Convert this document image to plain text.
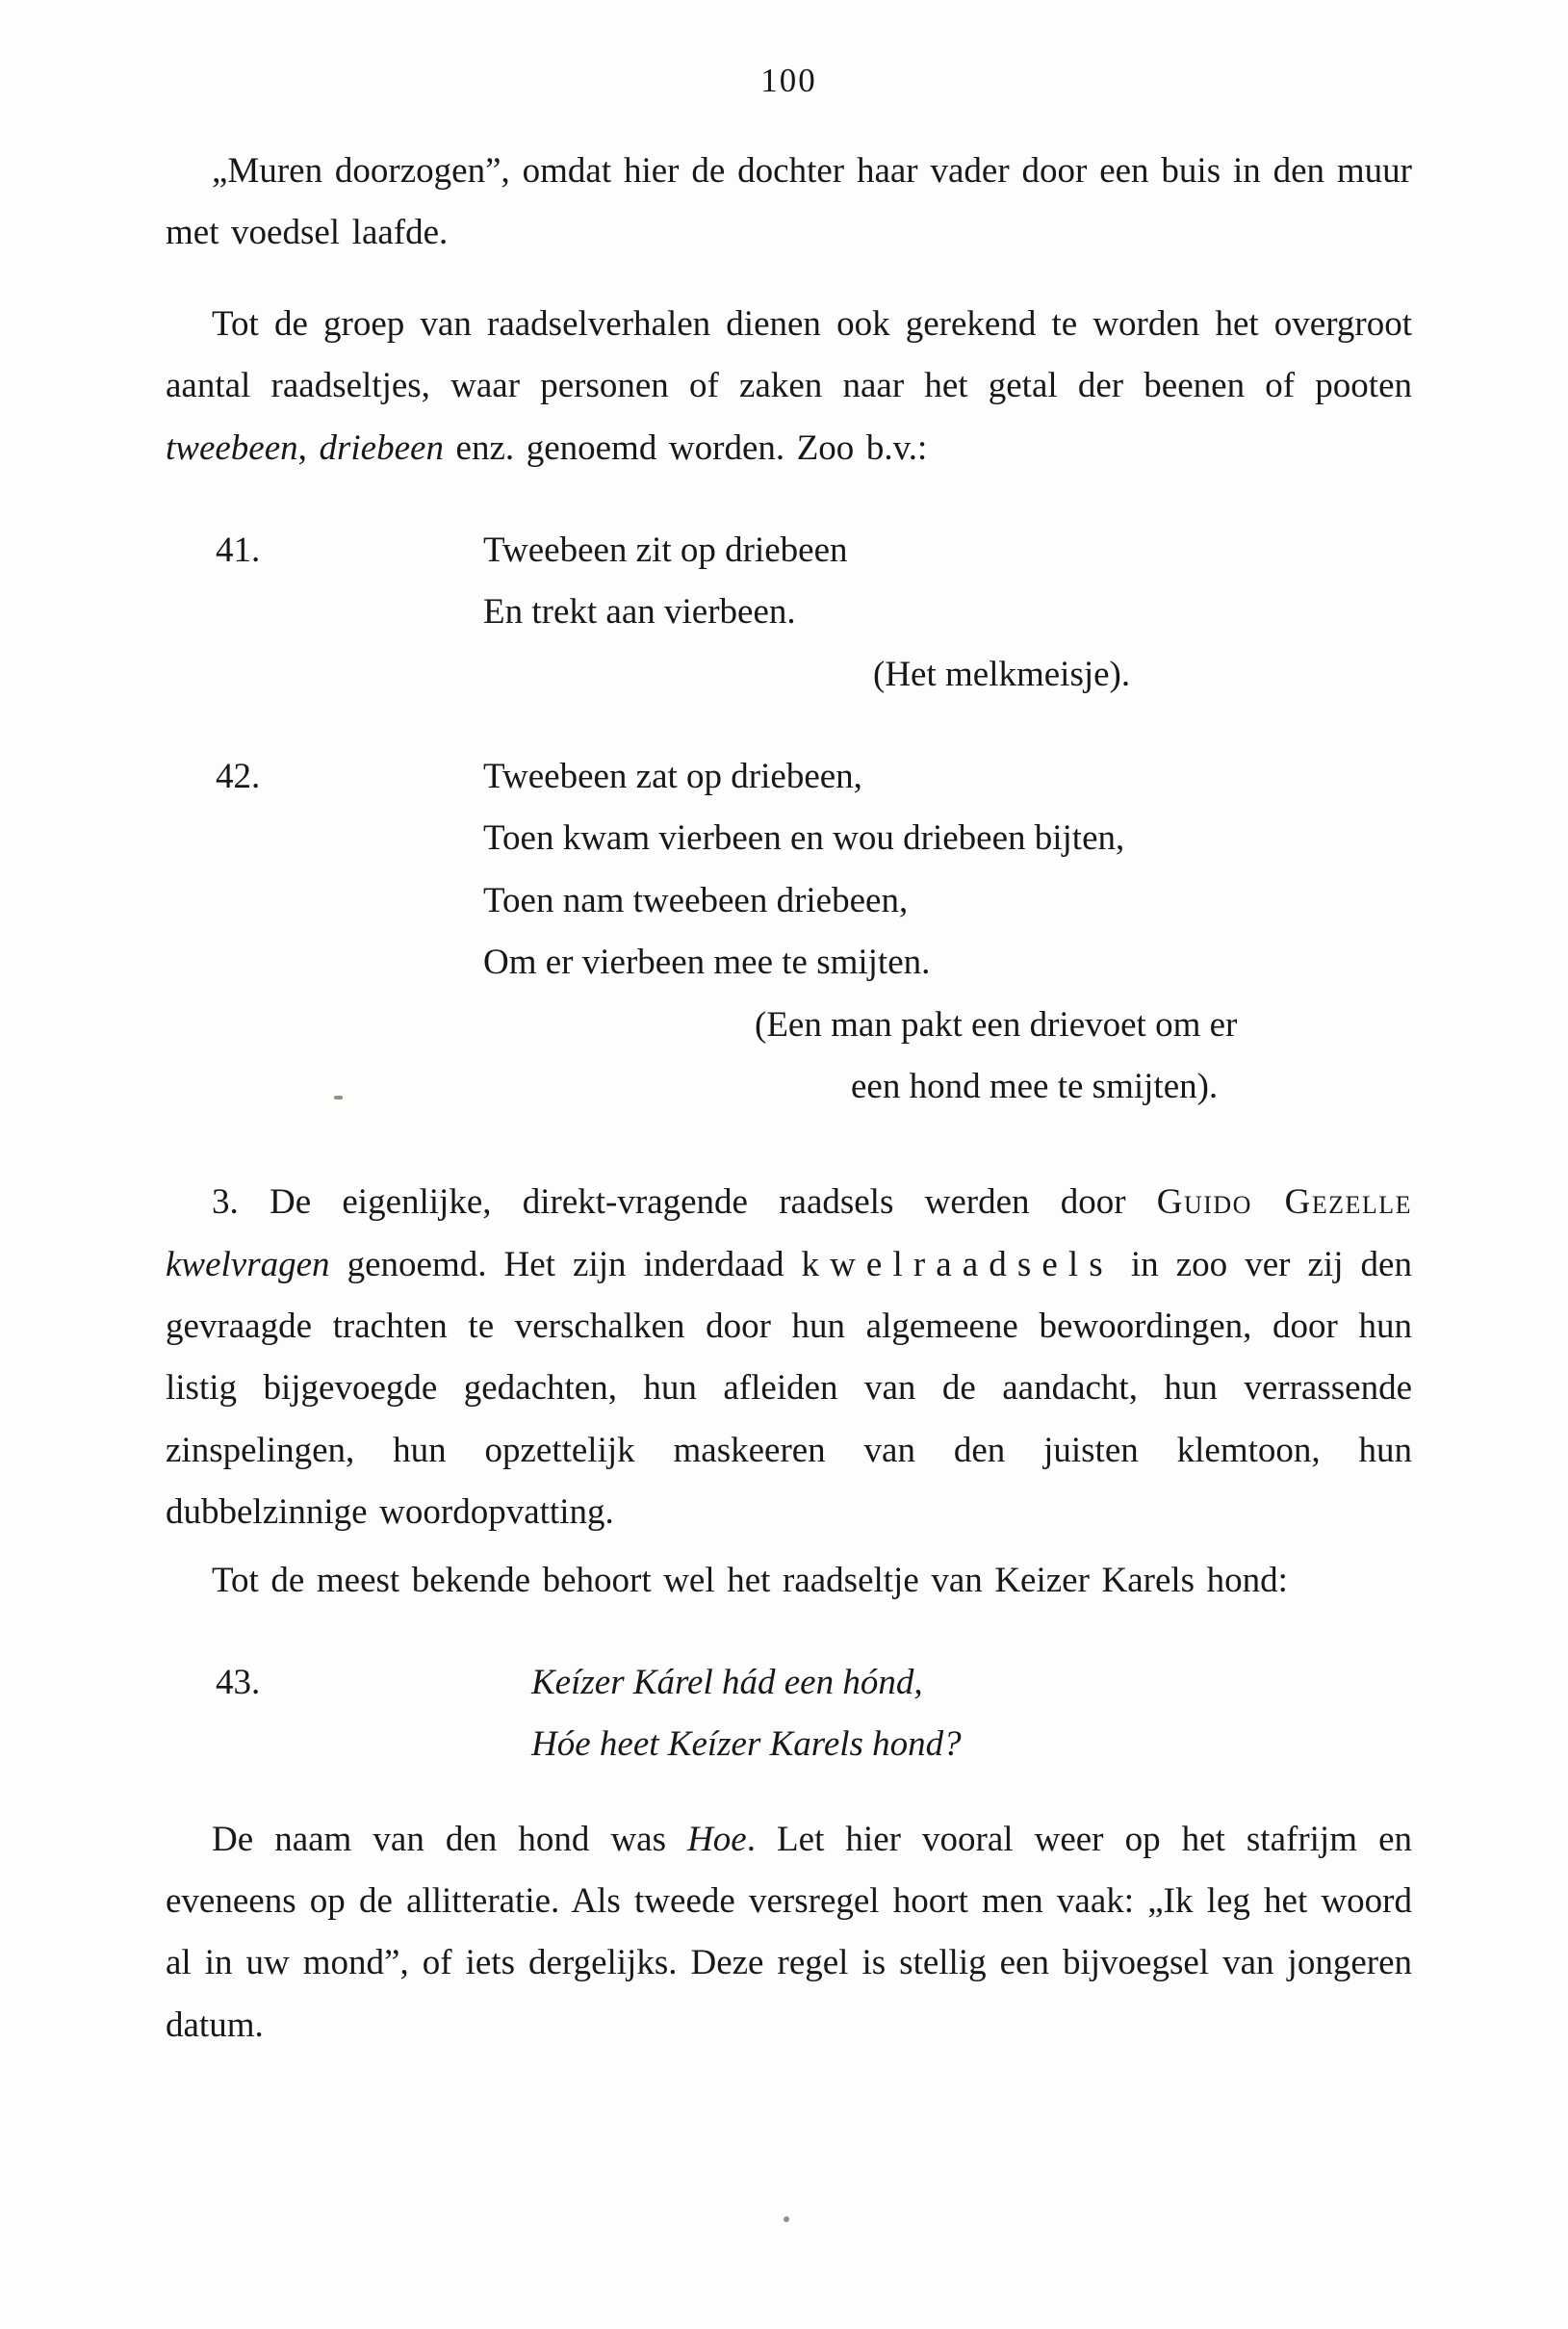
100

„Muren doorzogen”, omdat hier de dochter haar vader door een buis in den muur met voedsel laafde.

Tot de groep van raadselverhalen dienen ook gerekend te worden het overgroot aantal raadseltjes, waar personen of zaken naar het getal der beenen of pooten tweebeen, driebeen enz. genoemd worden. Zoo b.v.:

41.	Tweebeen zit op driebeen
En trekt aan vierbeen.
(Het melkmeisje).
42.	Tweebeen zat op driebeen,
Toen kwam vierbeen en wou driebeen bijten,
Toen nam tweebeen driebeen,
Om er vierbeen mee te smijten.
(Een man pakt een drievoet om er
een hond mee te smijten).

3. De eigenlijke, direkt-vragende raadsels werden door Guido Gezelle kwelvragen genoemd. Het zijn inderdaad kwelraadsels in zoo ver zij den gevraagde trachten te verschalken door hun algemeene bewoordingen, door hun listig bijgevoegde gedachten, hun afleiden van de aandacht, hun verrassende zinspelingen, hun opzettelijk maskeeren van den juisten klemtoon, hun dubbelzinnige woordopvatting.

Tot de meest bekende behoort wel het raadseltje van Keizer Karels hond:

43.	Keízer Kárel hád een hónd,
Hóe heet Keízer Karels hond?

De naam van den hond was Hoe. Let hier vooral weer op het stafrijm en eveneens op de allitteratie. Als tweede versregel hoort men vaak: „Ik leg het woord al in uw mond”, of iets dergelijks. Deze regel is stellig een bijvoegsel van jongeren datum.
